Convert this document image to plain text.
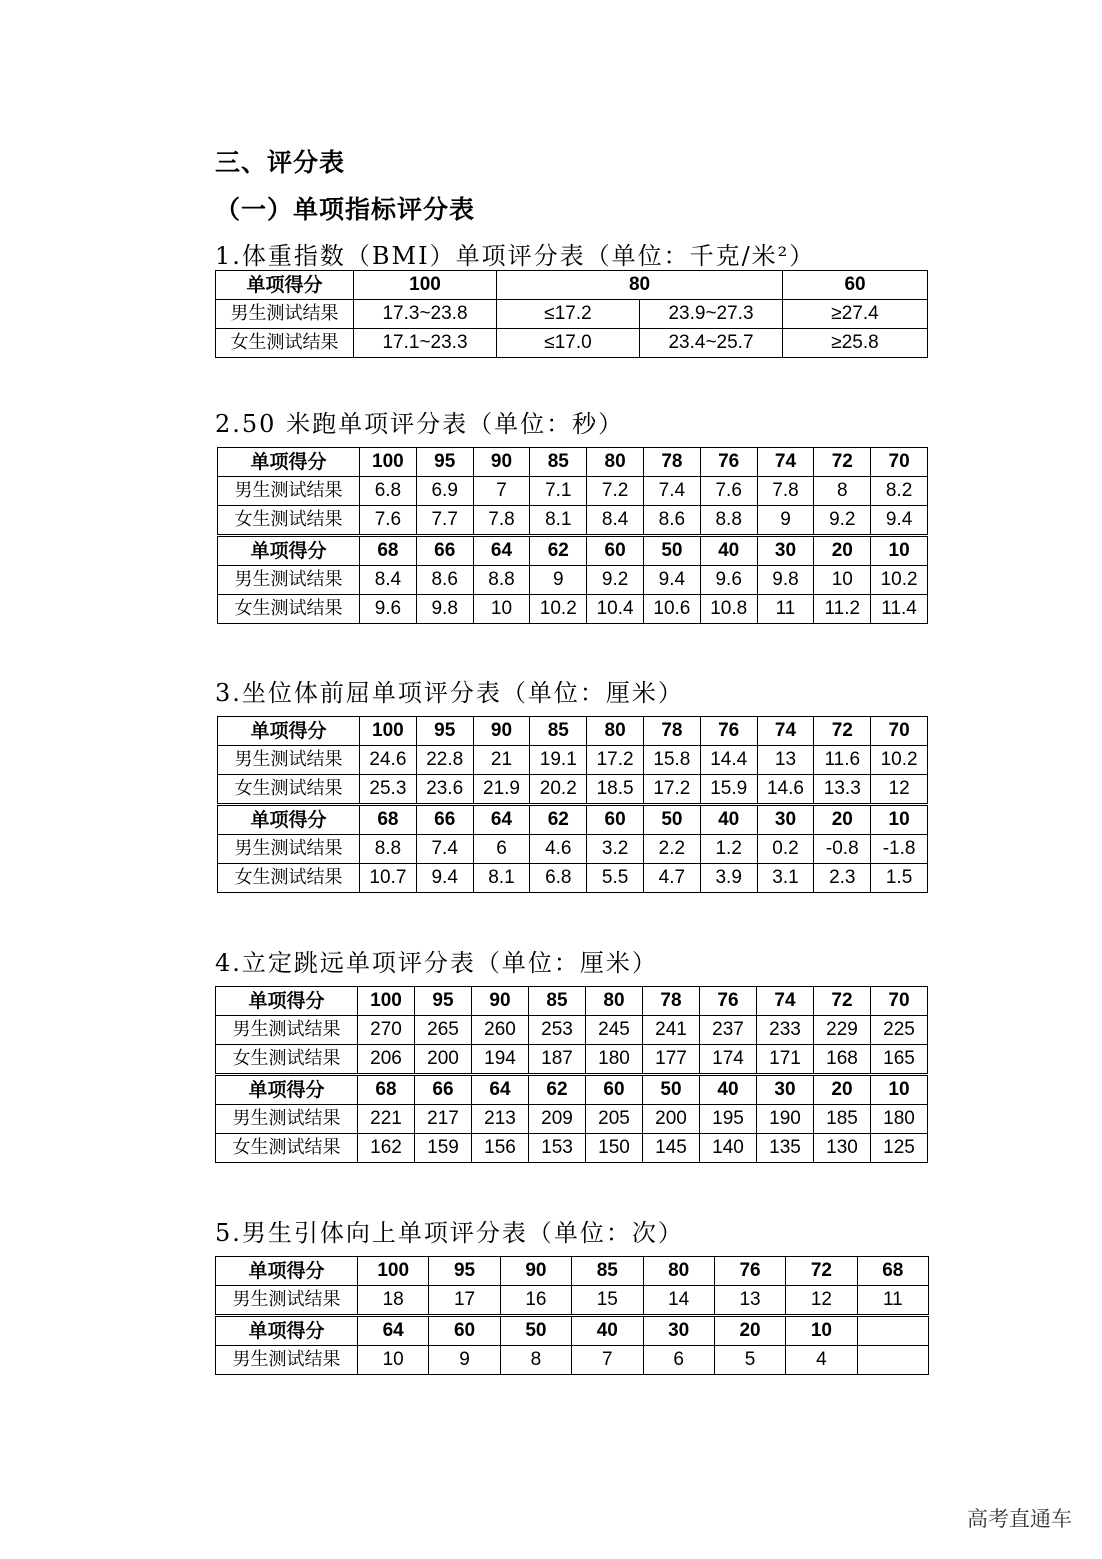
三、评分表
（一）单项指标评分表
1.体重指数（BMI）单项评分表（单位：千克/米²）
单项得分	100	80		60
男生测试结果	17.3~23.8	≤17.2	23.9~27.3	≥27.4
女生测试结果	17.1~23.3	≤17.0	23.4~25.7	≥25.8
2.50 米跑单项评分表（单位：秒）
单项得分	100	95	90	85	80	78	76	74	72	70
男生测试结果	6.8	6.9	7	7.1	7.2	7.4	7.6	7.8	8	8.2
女生测试结果	7.6	7.7	7.8	8.1	8.4	8.6	8.8	9	9.2	9.4
单项得分	68	66	64	62	60	50	40	30	20	10
男生测试结果	8.4	8.6	8.8	9	9.2	9.4	9.6	9.8	10	10.2
女生测试结果	9.6	9.8	10	10.2	10.4	10.6	10.8	11	11.2	11.4
3.坐位体前屈单项评分表（单位：厘米）
单项得分	100	95	90	85	80	78	76	74	72	70
男生测试结果	24.6	22.8	21	19.1	17.2	15.8	14.4	13	11.6	10.2
女生测试结果	25.3	23.6	21.9	20.2	18.5	17.2	15.9	14.6	13.3	12
单项得分	68	66	64	62	60	50	40	30	20	10
男生测试结果	8.8	7.4	6	4.6	3.2	2.2	1.2	0.2	-0.8	-1.8
女生测试结果	10.7	9.4	8.1	6.8	5.5	4.7	3.9	3.1	2.3	1.5
4.立定跳远单项评分表（单位：厘米）
单项得分	100	95	90	85	80	78	76	74	72	70
男生测试结果	270	265	260	253	245	241	237	233	229	225
女生测试结果	206	200	194	187	180	177	174	171	168	165
单项得分	68	66	64	62	60	50	40	30	20	10
男生测试结果	221	217	213	209	205	200	195	190	185	180
女生测试结果	162	159	156	153	150	145	140	135	130	125
5.男生引体向上单项评分表（单位：次）
单项得分	100	95	90	85	80	76	72	68
男生测试结果	18	17	16	15	14	13	12	11
单项得分	64	60	50	40	30	20	10	
男生测试结果	10	9	8	7	6	5	4	
高考直通车
